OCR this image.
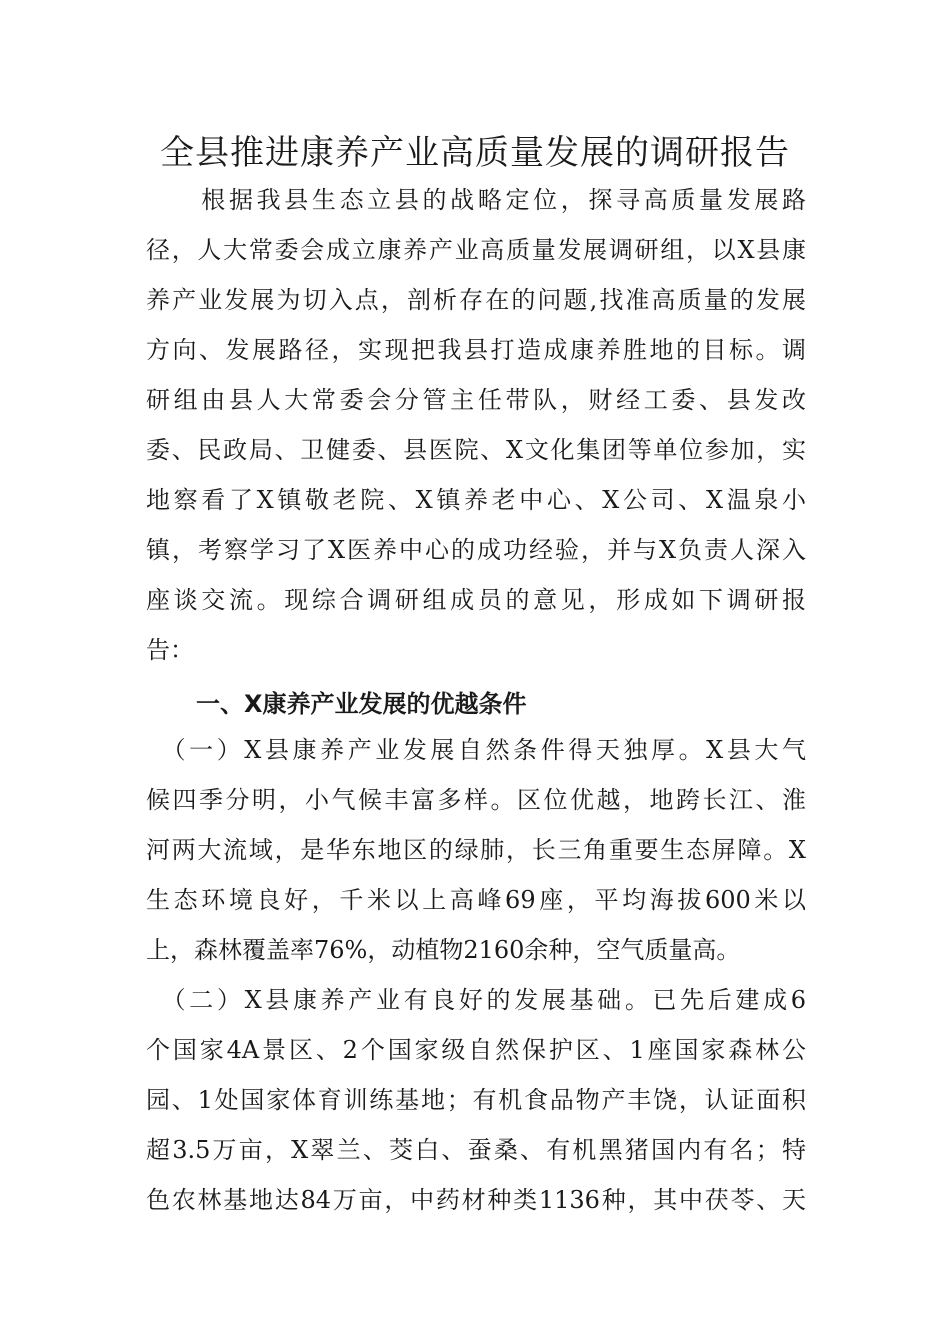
全县推进康养产业高质量发展的调研报告
　　根据我县生态立县的战略定位，探寻高质量发展路
径，人大常委会成立康养产业高质量发展调研组，以X县康
养产业发展为切入点，剖析存在的问题,找准高质量的发展
方向、发展路径，实现把我县打造成康养胜地的目标。调
研组由县人大常委会分管主任带队，财经工委、县发改
委、民政局、卫健委、县医院、X文化集团等单位参加，实
地察看了X镇敬老院、X镇养老中心、X公司、X温泉小
镇，考察学习了X医养中心的成功经验，并与X负责人深入
座谈交流。现综合调研组成员的意见，形成如下调研报
告：
一、X康养产业发展的优越条件
　（一）X县康养产业发展自然条件得天独厚。X县大气
候四季分明，小气候丰富多样。区位优越，地跨长江、淮
河两大流域，是华东地区的绿肺，长三角重要生态屏障。X
生态环境良好，千米以上高峰69座，平均海拔600米以
上，森林覆盖率76%，动植物2160余种，空气质量高。
　（二）X县康养产业有良好的发展基础。已先后建成6
个国家4A景区、2个国家级自然保护区、1座国家森林公
园、1处国家体育训练基地；有机食品物产丰饶，认证面积
超3.5万亩，X翠兰、茭白、蚕桑、有机黑猪国内有名；特
色农林基地达84万亩，中药材种类1136种，其中茯苓、天
